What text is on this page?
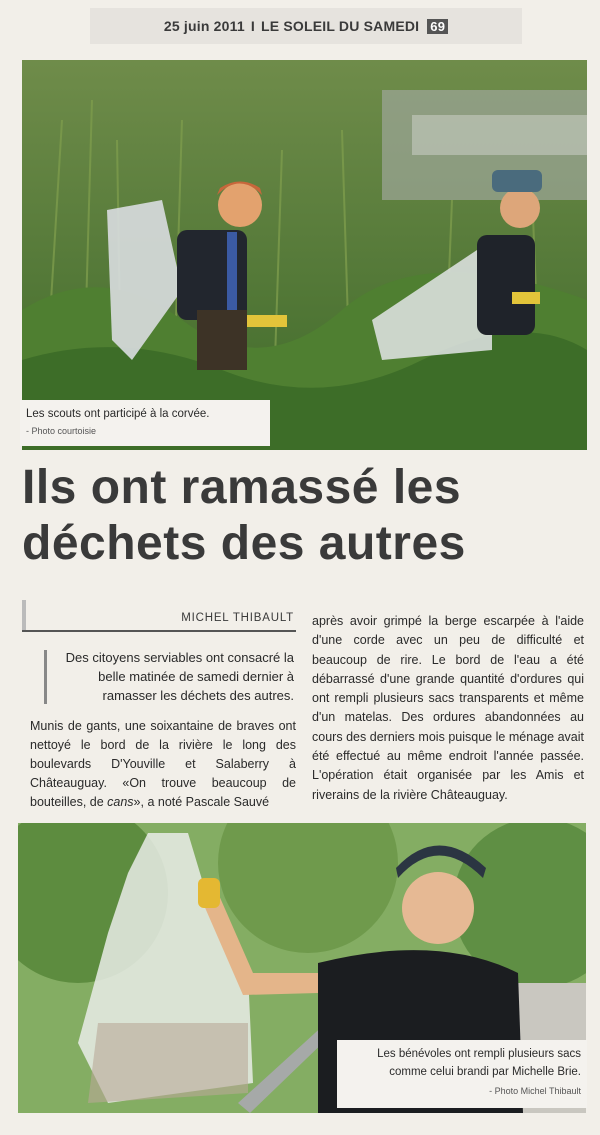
25 juin 2011 I LE SOLEIL DU SAMEDI 69
Les scouts ont participé à la corvée.
- Photo courtoisie
Ils ont ramassé les
déchets des autres
MICHEL THIBAULT
Des citoyens serviables ont consacré la belle matinée de samedi dernier à ramasser les déchets des autres.
Munis de gants, une soixantaine de braves ont nettoyé le bord de la rivière le long des boulevards D'Youville et Salaberry à Châteauguay. «On trouve beaucoup de bouteilles, de cans», a noté Pascale Sauvé
après avoir grimpé la berge escarpée à l'aide d'une corde avec un peu de difficulté et beaucoup de rire. Le bord de l'eau a été débarrassé d'une grande quantité d'ordures qui ont rempli plusieurs sacs transparents et même d'un matelas. Des ordures abandonnées au cours des derniers mois puisque le ménage avait été effectué au même endroit l'année passée. L'opération était organisée par les Amis et riverains de la rivière Châteauguay.
Les bénévoles ont rempli plusieurs sacs
comme celui brandi par Michelle Brie.
- Photo Michel Thibault
